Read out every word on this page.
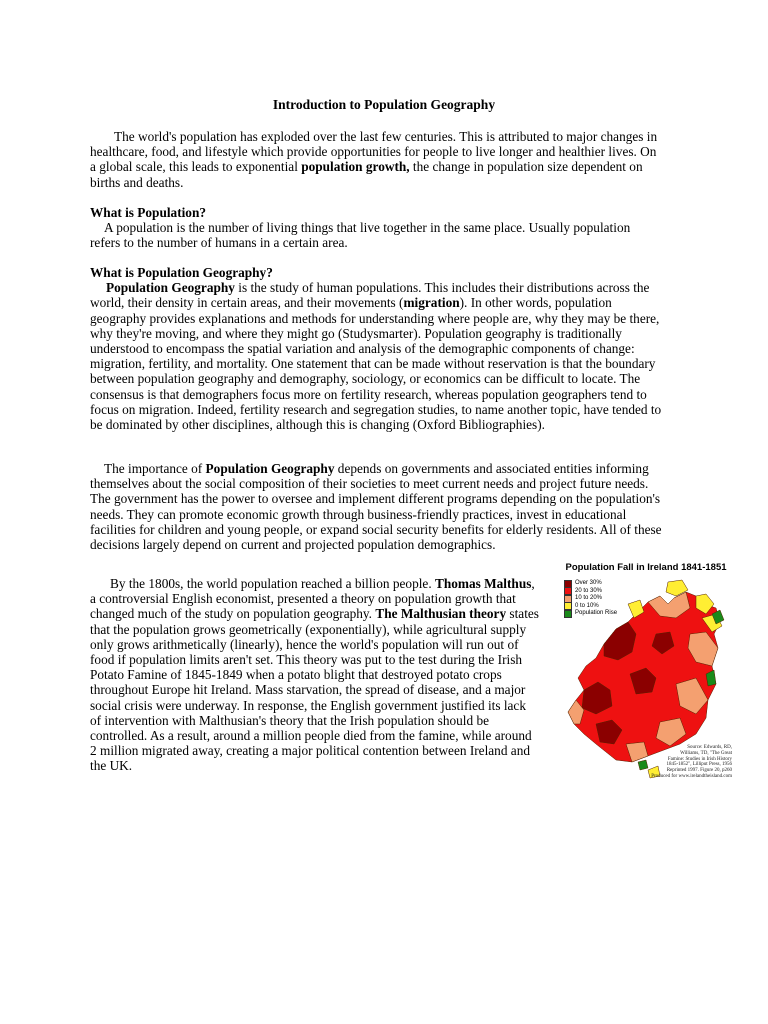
Introduction to Population Geography

The world's population has exploded over the last few centuries. This is attributed to major changes in healthcare, food, and lifestyle which provide opportunities for people to live longer and healthier lives. On a global scale, this leads to exponential population growth, the change in population size dependent on births and deaths.

What is Population?

A population is the number of living things that live together in the same place. Usually population refers to the number of humans in a certain area.

What is Population Geography?

Population Geography is the study of human populations. This includes their distributions across the world, their density in certain areas, and their movements (migration). In other words, population geography provides explanations and methods for understanding where people are, why they may be there, why they're moving, and where they might go (Studysmarter). Population geography is traditionally understood to encompass the spatial variation and analysis of the demographic components of change: migration, fertility, and mortality. One statement that can be made without reservation is that the boundary between population geography and demography, sociology, or economics can be difficult to locate. The consensus is that demographers focus more on fertility research, whereas population geographers tend to focus on migration. Indeed, fertility research and segregation studies, to name another topic, have tended to be dominated by other disciplines, although this is changing (Oxford Bibliographies).

The importance of Population Geography depends on governments and associated entities informing themselves about the social composition of their societies to meet current needs and project future needs. The government has the power to oversee and implement different programs depending on the population's needs. They can promote economic growth through business-friendly practices, invest in educational facilities for children and young people, or expand social security benefits for elderly residents. All of these decisions largely depend on current and projected population demographics.

By the 1800s, the world population reached a billion people. Thomas Malthus, a controversial English economist, presented a theory on population growth that changed much of the study on population geography. The Malthusian theory states that the population grows geometrically (exponentially), while agricultural supply only grows arithmetically (linearly), hence the world's population will run out of food if population limits aren't set. This theory was put to the test during the Irish Potato Famine of 1845-1849 when a potato blight that destroyed potato crops throughout Europe hit Ireland. Mass starvation, the spread of disease, and a major social crisis were underway. In response, the English government justified its lack of intervention with Malthusian's theory that the Irish population should be controlled. As a result, around a million people died from the famine, while around 2 million migrated away, creating a major political contention between Ireland and the UK.

Population Fall in Ireland 1841-1851
Over 30%
20 to 30%
10 to 20%
0 to 10%
Population Rise
Source: Edwards, RD,
Williams, TD, "The Great
Famine: Studies in Irish History
1845-1852", Lilliput Press, 1956
Reprinted 1997. Figure 20, p260
Produced for www.irelandtheisland.com
